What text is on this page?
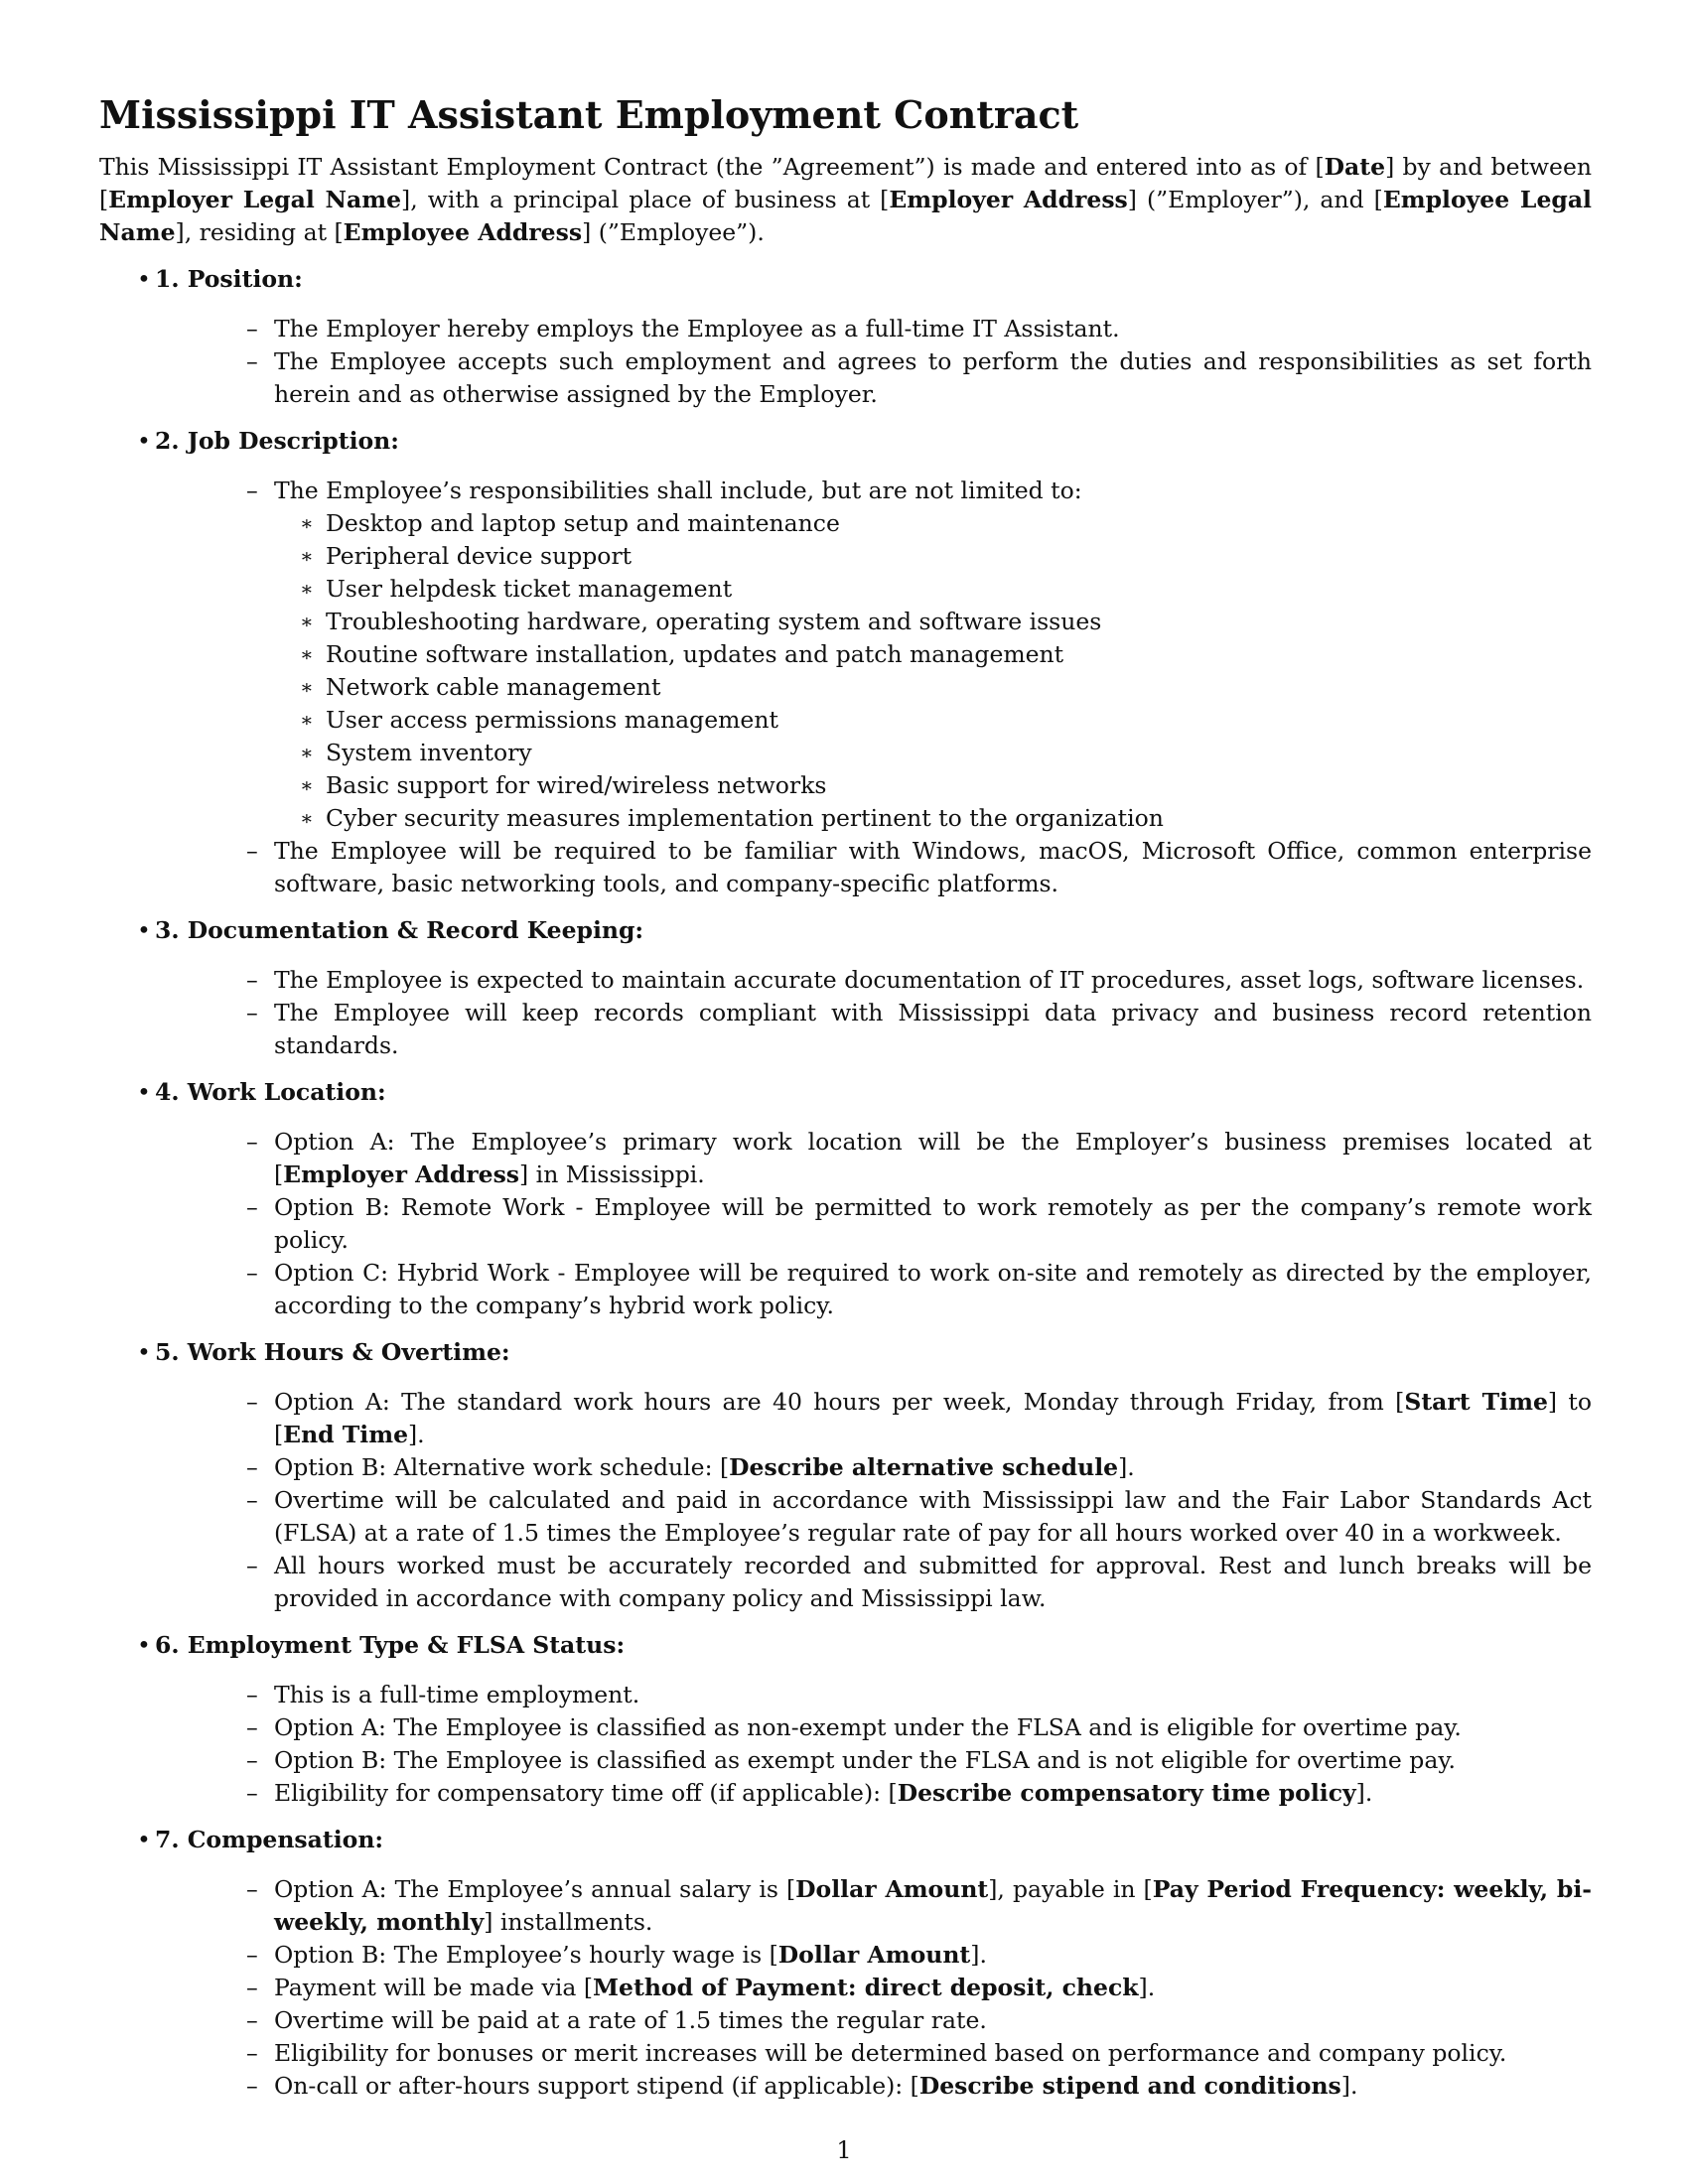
Mississippi IT Assistant Employment Contract

This Mississippi IT Assistant Employment Contract (the ”Agreement”) is made and entered into as of [Date] by and between [Employer Legal Name], with a principal place of business at [Employer Address] (”Employer”), and [Employee Legal Name], residing at [Employee Address] (”Employee”).

• 1. Position:
– The Employer hereby employs the Employee as a full-time IT Assistant.
– The Employee accepts such employment and agrees to perform the duties and responsibilities as set forth herein and as otherwise assigned by the Employer.
• 2. Job Description:
– The Employee’s responsibilities shall include, but are not limited to:
∗ Desktop and laptop setup and maintenance
∗ Peripheral device support
∗ User helpdesk ticket management
∗ Troubleshooting hardware, operating system and software issues
∗ Routine software installation, updates and patch management
∗ Network cable management
∗ User access permissions management
∗ System inventory
∗ Basic support for wired/wireless networks
∗ Cyber security measures implementation pertinent to the organization
– The Employee will be required to be familiar with Windows, macOS, Microsoft Office, common enterprise software, basic networking tools, and company-specific platforms.
• 3. Documentation & Record Keeping:
– The Employee is expected to maintain accurate documentation of IT procedures, asset logs, software licenses.
– The Employee will keep records compliant with Mississippi data privacy and business record retention standards.
• 4. Work Location:
– Option A: The Employee’s primary work location will be the Employer’s business premises located at [Employer Address] in Mississippi.
– Option B: Remote Work - Employee will be permitted to work remotely as per the company’s remote work policy.
– Option C: Hybrid Work - Employee will be required to work on-site and remotely as directed by the employer, according to the company’s hybrid work policy.
• 5. Work Hours & Overtime:
– Option A: The standard work hours are 40 hours per week, Monday through Friday, from [Start Time] to [End Time].
– Option B: Alternative work schedule: [Describe alternative schedule].
– Overtime will be calculated and paid in accordance with Mississippi law and the Fair Labor Standards Act (FLSA) at a rate of 1.5 times the Employee’s regular rate of pay for all hours worked over 40 in a workweek.
– All hours worked must be accurately recorded and submitted for approval. Rest and lunch breaks will be provided in accordance with company policy and Mississippi law.
• 6. Employment Type & FLSA Status:
– This is a full-time employment.
– Option A: The Employee is classified as non-exempt under the FLSA and is eligible for overtime pay.
– Option B: The Employee is classified as exempt under the FLSA and is not eligible for overtime pay.
– Eligibility for compensatory time off (if applicable): [Describe compensatory time policy].
• 7. Compensation:
– Option A: The Employee’s annual salary is [Dollar Amount], payable in [Pay Period Frequency: weekly, bi-weekly, monthly] installments.
– Option B: The Employee’s hourly wage is [Dollar Amount].
– Payment will be made via [Method of Payment: direct deposit, check].
– Overtime will be paid at a rate of 1.5 times the regular rate.
– Eligibility for bonuses or merit increases will be determined based on performance and company policy.
– On-call or after-hours support stipend (if applicable): [Describe stipend and conditions].
1
